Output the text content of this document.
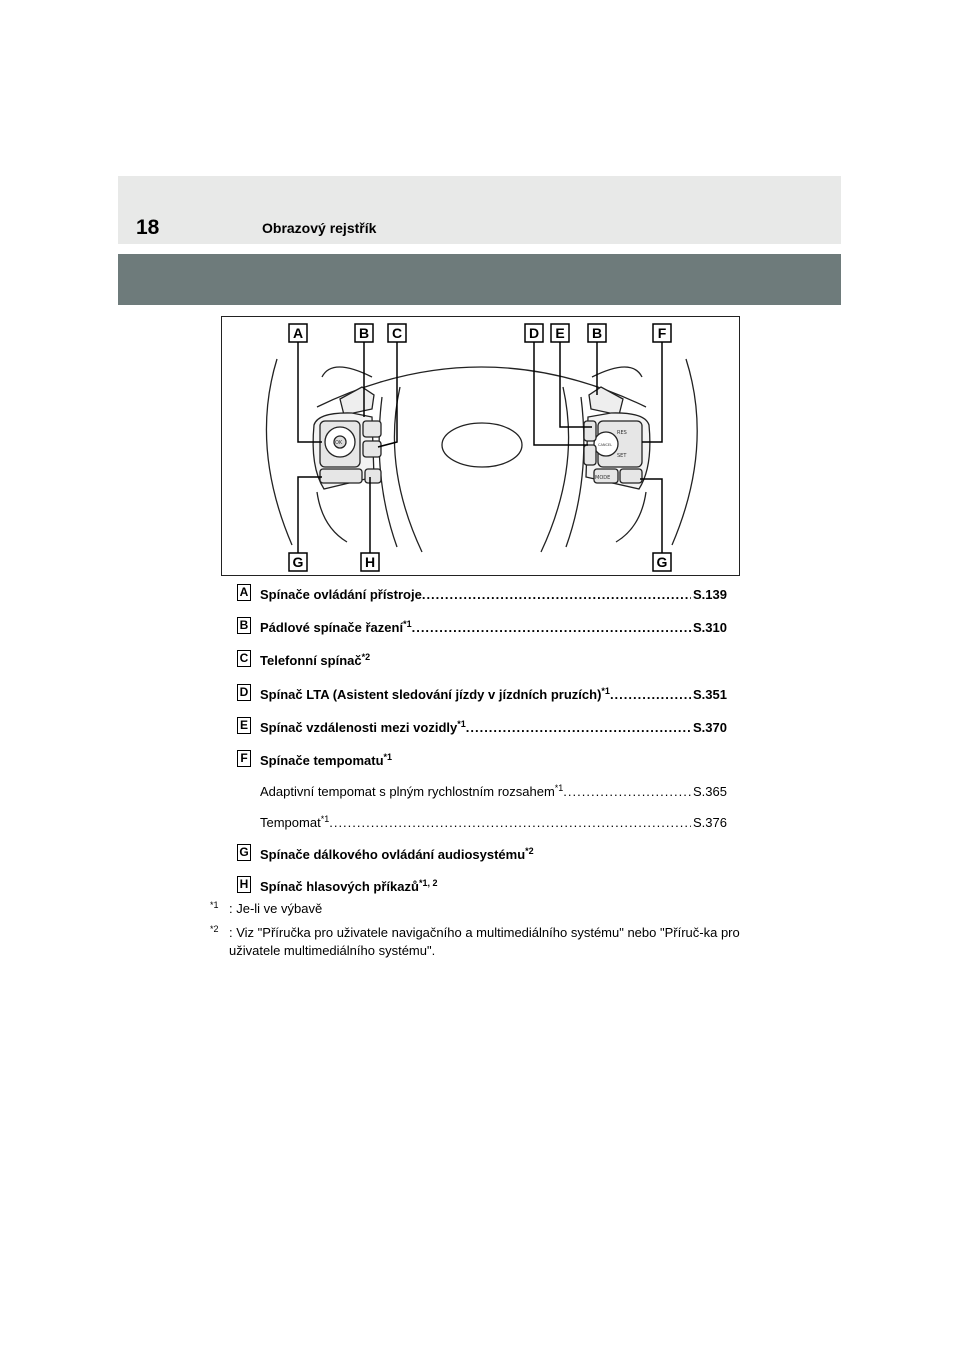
18	Obrazový rejstřík
OK
MODE
RES
SET
CANCEL
A	B C	D E B	F
G	H	G
A Spínače ovládání přístroje .....	S.139
B Pádlové spínače řazení$^{*1}$ .....	S.310
C Telefonní spínač$^{*2}$
D Spínač LTA (Asistent sledování jízdy v jízdních pruzích)$^{*1}$ .....	S.351
E Spínač vzdálenosti mezi vozidly$^{*1}$ .....	S.370
F Spínače tempomatu$^{*1}$
Adaptivní tempomat s plným rychlostním rozsahem$^{*1}$ .....	S.365
Tempomat$^{*1}$ .....	S.376
G Spínače dálkového ovládání audiosystému$^{*2}$
H Spínač hlasových příkazů$^{*1, 2}$
$^{*1}$ : Je-li ve výbavě
$^{*2}$ : Viz "Příručka pro uživatele navigačního a multimediálního systému" nebo "Příruč-ka pro uživatele multimediálního systému".
